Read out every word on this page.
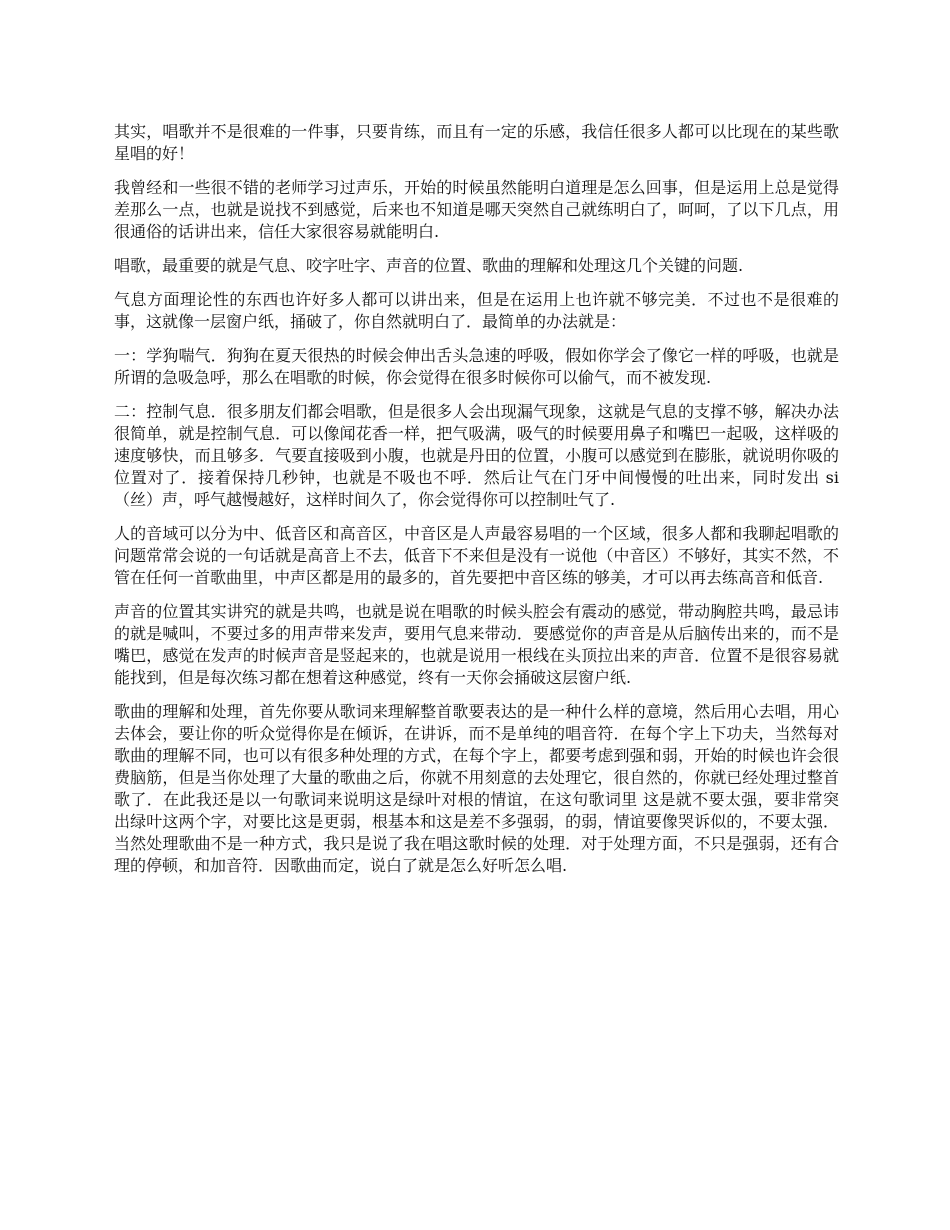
其实，唱歌并不是很难的一件事，只要肯练，而且有一定的乐感，我信任很多人都可以比现在的某些歌星唱的好！

我曾经和一些很不错的老师学习过声乐，开始的时候虽然能明白道理是怎么回事，但是运用上总是觉得差那么一点，也就是说找不到感觉，后来也不知道是哪天突然自己就练明白了，呵呵，了以下几点，用很通俗的话讲出来，信任大家很容易就能明白.

唱歌，最重要的就是气息、咬字吐字、声音的位置、歌曲的理解和处理这几个关键的问题.

气息方面理论性的东西也许好多人都可以讲出来，但是在运用上也许就不够完美．不过也不是很难的事，这就像一层窗户纸，捅破了，你自然就明白了．最简单的办法就是：

一：学狗喘气．狗狗在夏天很热的时候会伸出舌头急速的呼吸，假如你学会了像它一样的呼吸，也就是所谓的急吸急呼，那么在唱歌的时候，你会觉得在很多时候你可以偷气，而不被发现.

二：控制气息．很多朋友们都会唱歌，但是很多人会出现漏气现象，这就是气息的支撑不够，解决办法很简单，就是控制气息．可以像闻花香一样，把气吸满，吸气的时候要用鼻子和嘴巴一起吸，这样吸的速度够快，而且够多．气要直接吸到小腹，也就是丹田的位置，小腹可以感觉到在膨胀，就说明你吸的位置对了．接着保持几秒钟，也就是不吸也不呼．然后让气在门牙中间慢慢的吐出来，同时发出 si（丝）声，呼气越慢越好，这样时间久了，你会觉得你可以控制吐气了.

人的音域可以分为中、低音区和高音区，中音区是人声最容易唱的一个区域，很多人都和我聊起唱歌的问题常常会说的一句话就是高音上不去，低音下不来但是没有一说他（中音区）不够好，其实不然，不管在任何一首歌曲里，中声区都是用的最多的，首先要把中音区练的够美，才可以再去练高音和低音.

声音的位置其实讲究的就是共鸣，也就是说在唱歌的时候头腔会有震动的感觉，带动胸腔共鸣，最忌讳的就是喊叫，不要过多的用声带来发声，要用气息来带动．要感觉你的声音是从后脑传出来的，而不是嘴巴，感觉在发声的时候声音是竖起来的，也就是说用一根线在头顶拉出来的声音．位置不是很容易就能找到，但是每次练习都在想着这种感觉，终有一天你会捅破这层窗户纸.

歌曲的理解和处理，首先你要从歌词来理解整首歌要表达的是一种什么样的意境，然后用心去唱，用心去体会，要让你的听众觉得你是在倾诉，在讲诉，而不是单纯的唱音符．在每个字上下功夫，当然每对歌曲的理解不同，也可以有很多种处理的方式，在每个字上，都要考虑到强和弱，开始的时候也许会很费脑筋，但是当你处理了大量的歌曲之后，你就不用刻意的去处理它，很自然的，你就已经处理过整首歌了．在此我还是以一句歌词来说明这是绿叶对根的情谊，在这句歌词里 这是就不要太强，要非常突出绿叶这两个字，对要比这是更弱，根基本和这是差不多强弱，的弱，情谊要像哭诉似的，不要太强．当然处理歌曲不是一种方式，我只是说了我在唱这歌时候的处理．对于处理方面，不只是强弱，还有合理的停顿，和加音符．因歌曲而定，说白了就是怎么好听怎么唱.
